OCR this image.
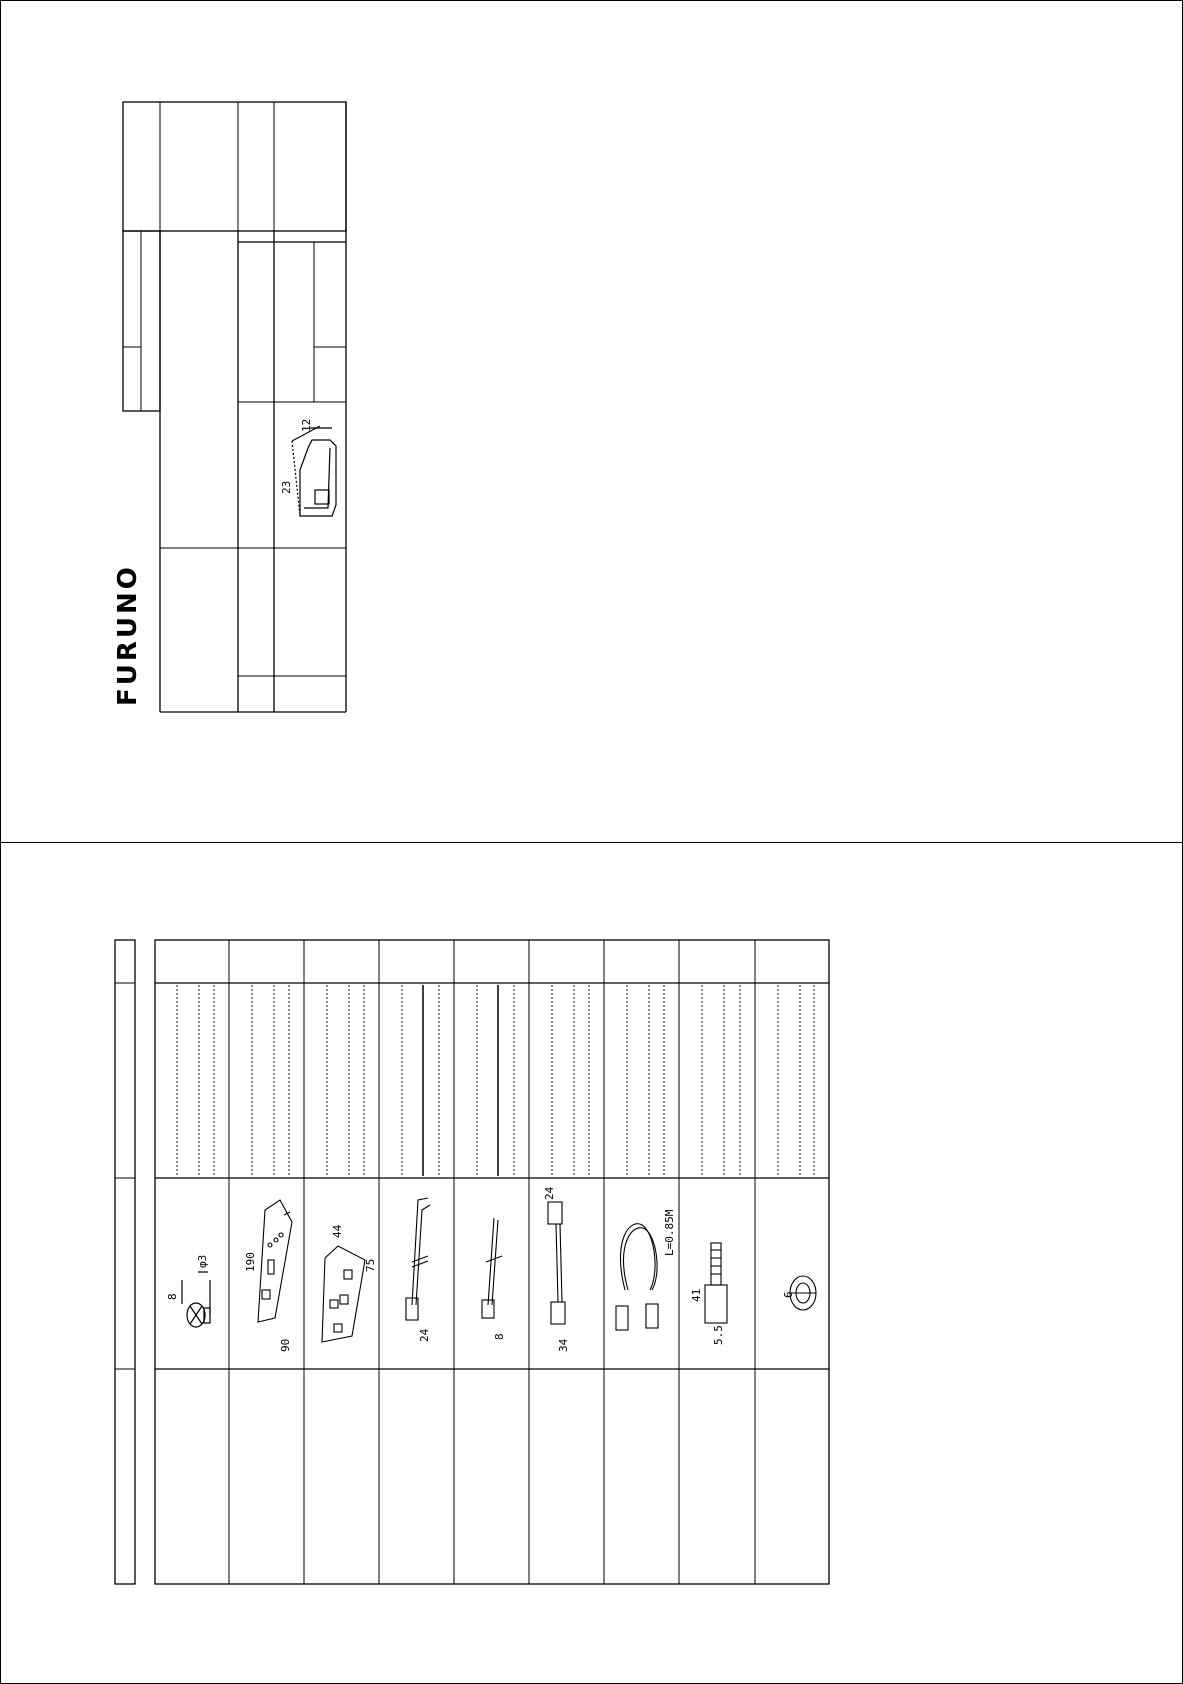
FURUNO
23
12
8
φ3	190
90
44
75
24	8
24
34
L=0.85M
41
5.5
6
